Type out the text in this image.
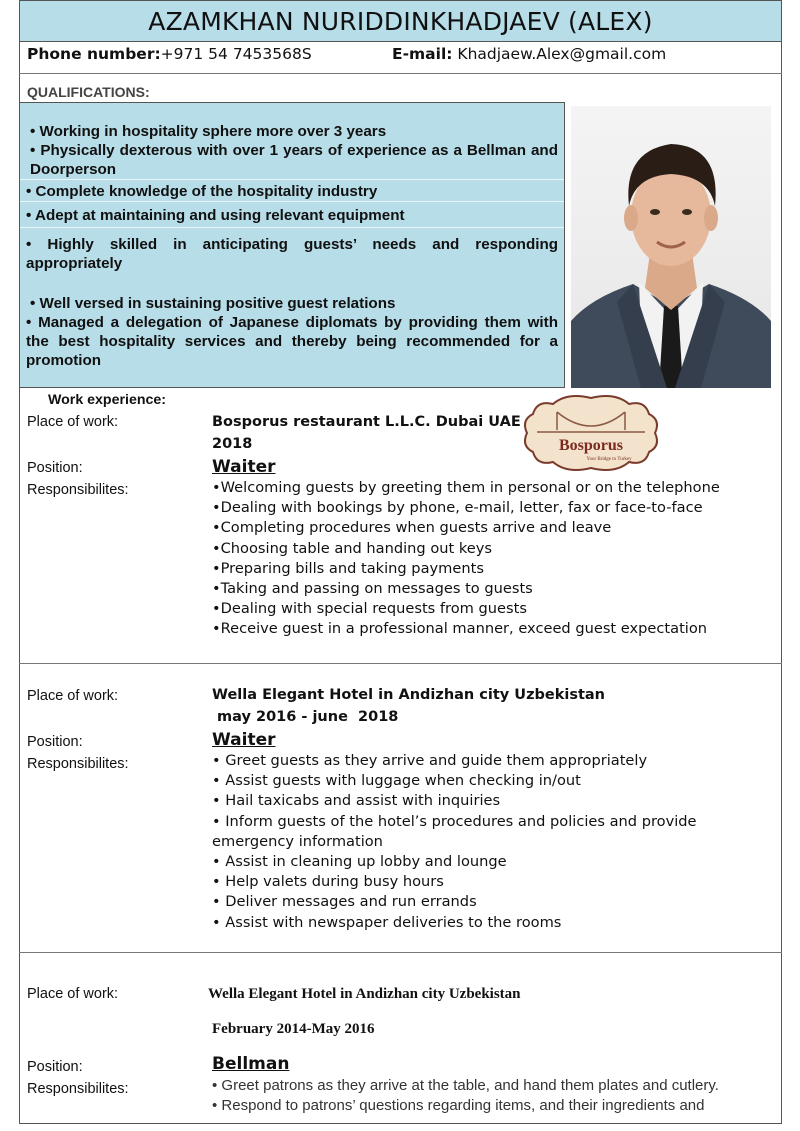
AZAMKHAN NURIDDINKHADJAEV (ALEX)
Phone number:+971 54 7453568S	E-mail: Khadjaew.Alex@gmail.com
QUALIFICATIONS:
• Working in hospitality sphere more over 3 years
• Physically dexterous with over 1 years of experience as a Bellman and Doorperson
• Complete knowledge of the hospitality industry
• Adept at maintaining and using relevant equipment
• Highly skilled in anticipating guests’ needs and responding appropriately
• Well versed in sustaining positive guest relations
• Managed a delegation of Japanese diplomats by providing them with the best hospitality services and thereby being recommended for a promotion
Bosporus
Your Bridge to Turkey
Work experience:
Place of work:	Bosporus restaurant L.L.C. Dubai UAE
2018
Position:	Waiter
Responsibilites:	•Welcoming guests by greeting them in personal or on the telephone
•Dealing with bookings by phone, e-mail, letter, fax or face-to-face
•Completing procedures when guests arrive and leave
•Choosing table and handing out keys
•Preparing bills and taking payments
•Taking and passing on messages to guests
•Dealing with special requests from guests
•Receive guest in a professional manner, exceed guest expectation
Place of work:	Wella Elegant Hotel in Andizhan city Uzbekistan
may 2016 - june  2018
Position:	Waiter
Responsibilites:	• Greet guests as they arrive and guide them appropriately
• Assist guests with luggage when checking in/out
• Hail taxicabs and assist with inquiries
• Inform guests of the hotel’s procedures and policies and provide emergency information
• Assist in cleaning up lobby and lounge
• Help valets during busy hours
• Deliver messages and run errands
• Assist with newspaper deliveries to the rooms
Place of work:	Wella Elegant Hotel in Andizhan city Uzbekistan
February 2014-May 2016
Position:	Bellman
Responsibilites:	• Greet patrons as they arrive at the table, and hand them plates and cutlery.
• Respond to patrons’ questions regarding items, and their ingredients and
